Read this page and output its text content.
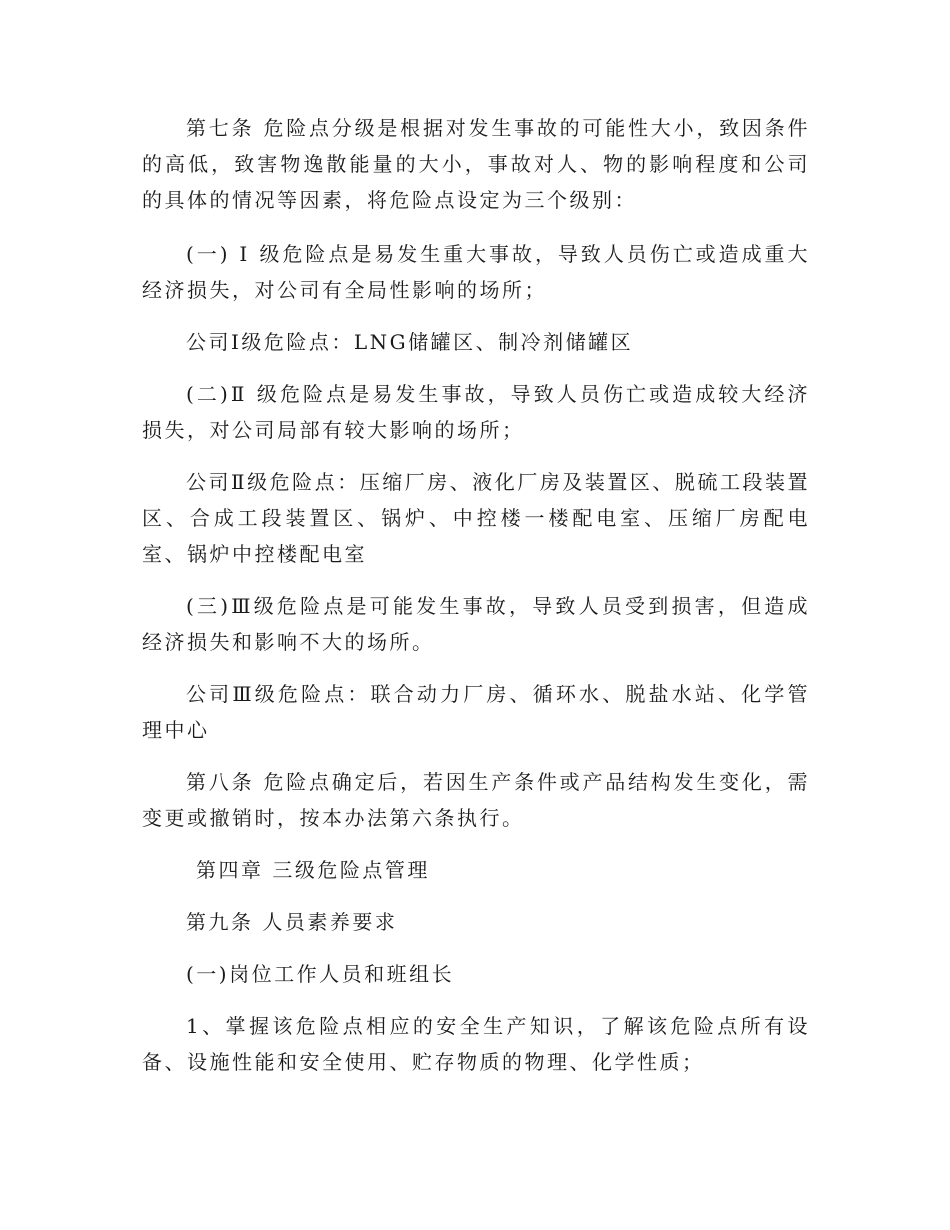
第七条 危险点分级是根据对发生事故的可能性大小，致因条件的高低，致害物逸散能量的大小，事故对人、物的影响程度和公司的具体的情况等因素，将危险点设定为三个级别：

(一) Ⅰ 级危险点是易发生重大事故，导致人员伤亡或造成重大经济损失，对公司有全局性影响的场所；

公司Ⅰ级危险点：LNG储罐区、制冷剂储罐区

(二)Ⅱ 级危险点是易发生事故，导致人员伤亡或造成较大经济损失，对公司局部有较大影响的场所；

公司Ⅱ级危险点：压缩厂房、液化厂房及装置区、脱硫工段装置区、合成工段装置区、锅炉、中控楼一楼配电室、压缩厂房配电室、锅炉中控楼配电室

(三)Ⅲ级危险点是可能发生事故，导致人员受到损害，但造成经济损失和影响不大的场所。

公司Ⅲ级危险点：联合动力厂房、循环水、脱盐水站、化学管理中心

第八条 危险点确定后，若因生产条件或产品结构发生变化，需变更或撤销时，按本办法第六条执行。

第四章 三级危险点管理

第九条 人员素养要求

(一)岗位工作人员和班组长

1、掌握该危险点相应的安全生产知识，了解该危险点所有设备、设施性能和安全使用、贮存物质的物理、化学性质；
